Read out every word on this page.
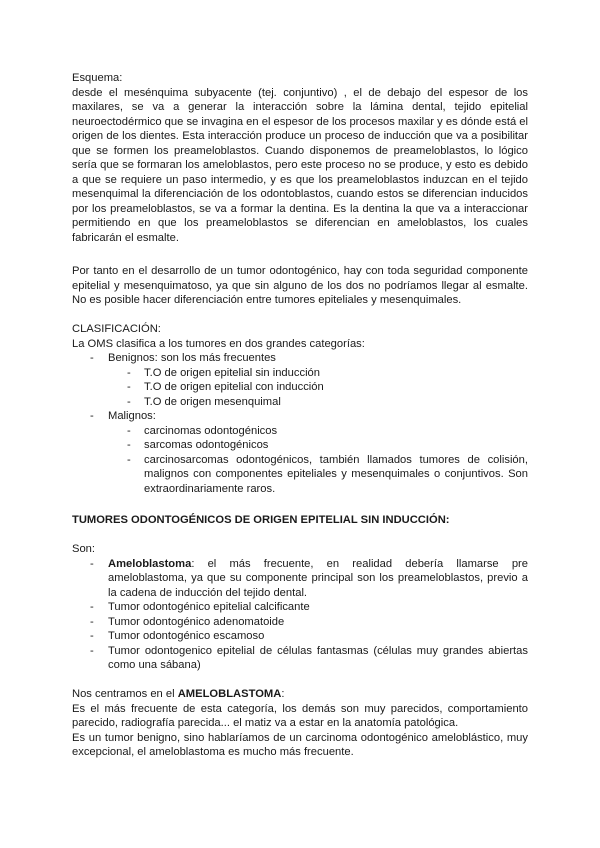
Esquema:

desde el mesénquima subyacente (tej. conjuntivo) , el de debajo del espesor de los maxilares, se va a generar la interacción sobre la lámina dental, tejido epitelial neuroectodérmico que se invagina en el espesor de los procesos maxilar y es dónde está el origen de los dientes. Esta interacción produce un proceso de inducción que va a posibilitar que se formen los preameloblastos. Cuando disponemos de preameloblastos, lo lógico sería que se formaran los ameloblastos, pero este proceso no se produce, y esto es debido a que se requiere un paso intermedio, y es que los preameloblastos induzcan en el tejido mesenquimal la diferenciación de los odontoblastos, cuando estos se diferencian inducidos por los preameloblastos, se va a formar la dentina. Es la dentina la que va a interaccionar permitiendo en que los preameloblastos se diferencian en ameloblastos, los cuales fabricarán el esmalte.

Por tanto en el desarrollo de un tumor odontogénico, hay con toda seguridad componente epitelial y mesenquimatoso, ya que sin alguno de los dos no podríamos llegar al esmalte. No es posible hacer diferenciación entre tumores epiteliales y mesenquimales.

CLASIFICACIÓN:

La OMS clasifica a los tumores en dos grandes categorías:

- Benignos: son los más frecuentes
- T.O de origen epitelial sin inducción
- T.O de origen epitelial con inducción
- T.O de origen mesenquimal
- Malignos:
- carcinomas odontogénicos
- sarcomas odontogénicos
- carcinosarcomas odontogénicos, también llamados tumores de colisión, malignos con componentes epiteliales y mesenquimales o conjuntivos. Son extraordinariamente raros.

TUMORES ODONTOGÉNICOS DE ORIGEN EPITELIAL SIN INDUCCIÓN:

Son:

- Ameloblastoma: el más frecuente, en realidad debería llamarse pre ameloblastoma, ya que su componente principal son los preameloblastos, previo a la cadena de inducción del tejido dental.
- Tumor odontogénico epitelial calcificante
- Tumor odontogénico adenomatoide
- Tumor odontogénico escamoso
- Tumor odontogenico epitelial de células fantasmas (células muy grandes abiertas como una sábana)

Nos centramos en el AMELOBLASTOMA:

Es el más frecuente de esta categoría, los demás son muy parecidos, comportamiento parecido, radiografía parecida... el matiz va a estar en la anatomía patológica.

Es un tumor benigno, sino hablaríamos de un carcinoma odontogénico ameloblástico, muy excepcional, el ameloblastoma es mucho más frecuente.
